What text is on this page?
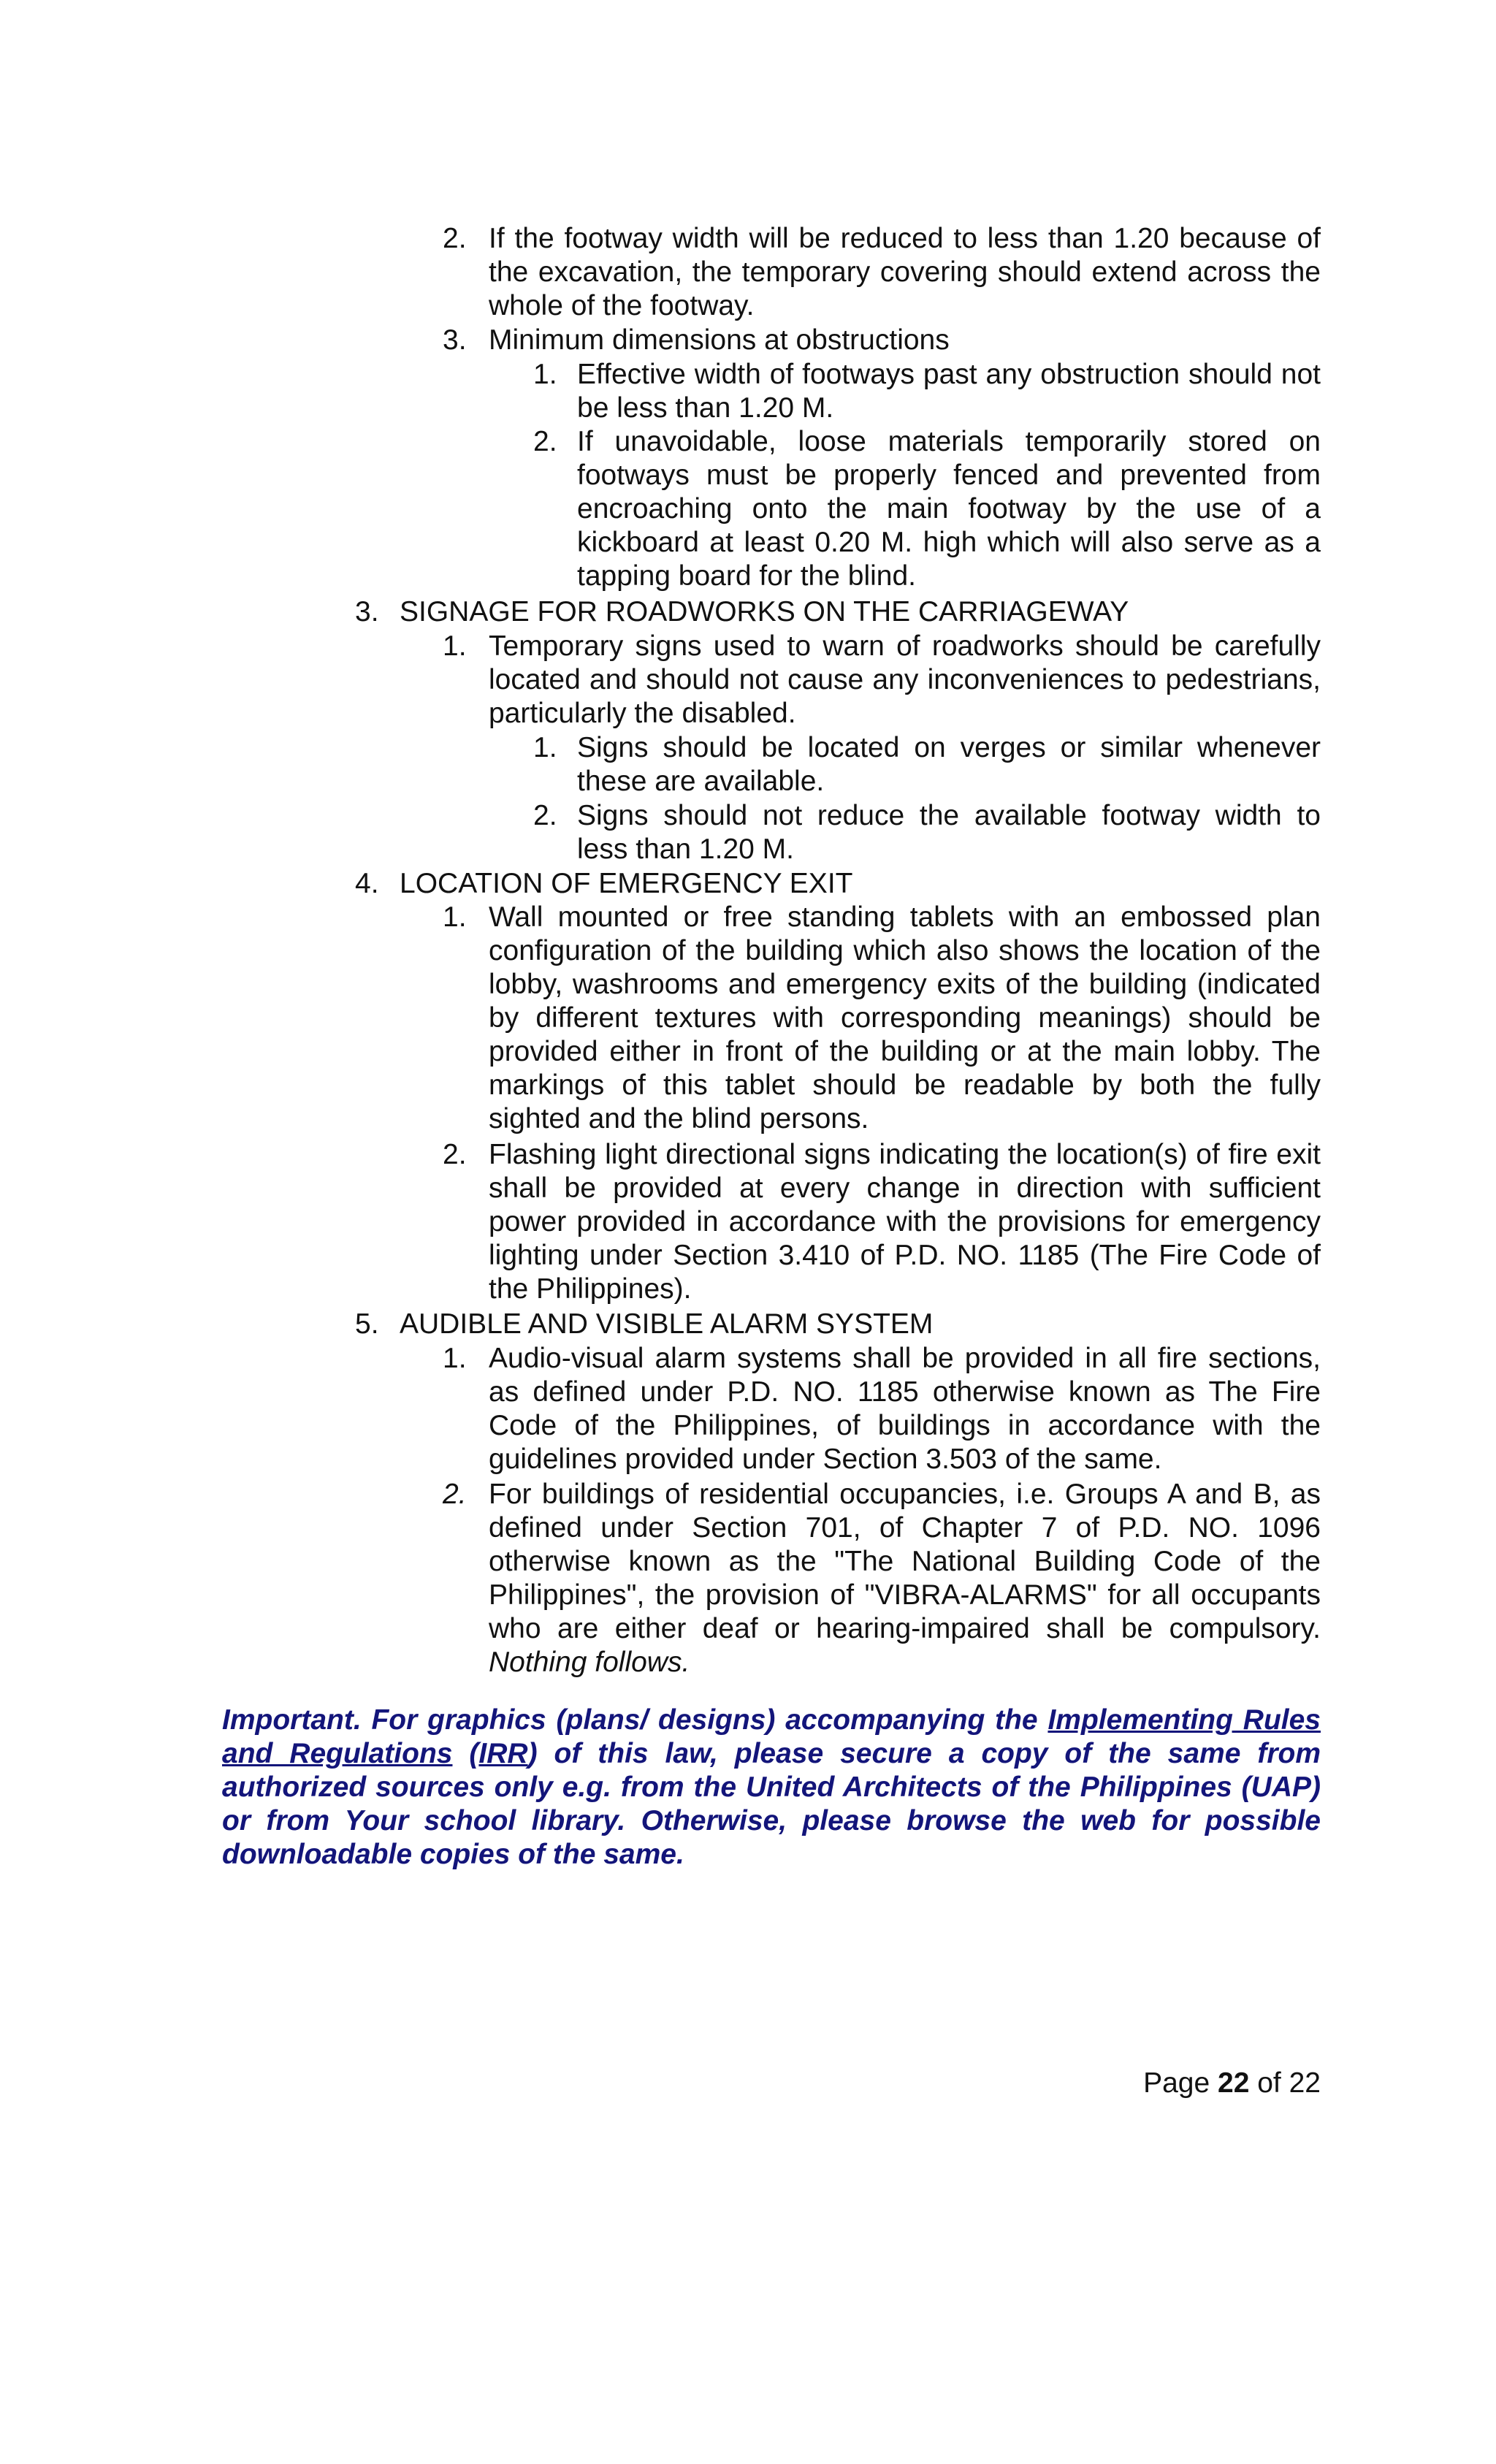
2. If the footway width will be reduced to less than 1.20 because of the excavation, the temporary covering should extend across the whole of the footway.
3. Minimum dimensions at obstructions
1. Effective width of footways past any obstruction should not be less than 1.20 M.
2. If unavoidable, loose materials temporarily stored on footways must be properly fenced and prevented from encroaching onto the main footway by the use of a kickboard at least 0.20 M. high which will also serve as a tapping board for the blind.
3. SIGNAGE FOR ROADWORKS ON THE CARRIAGEWAY
1. Temporary signs used to warn of roadworks should be carefully located and should not cause any inconveniences to pedestrians, particularly the disabled.
1. Signs should be located on verges or similar whenever these are available.
2. Signs should not reduce the available footway width to less than 1.20 M.
4. LOCATION OF EMERGENCY EXIT
1. Wall mounted or free standing tablets with an embossed plan configuration of the building which also shows the location of the lobby, washrooms and emergency exits of the building (indicated by different textures with corresponding meanings) should be provided either in front of the building or at the main lobby. The markings of this tablet should be readable by both the fully sighted and the blind persons.
2. Flashing light directional signs indicating the location(s) of fire exit shall be provided at every change in direction with sufficient power provided in accordance with the provisions for emergency lighting under Section 3.410 of P.D. NO. 1185 (The Fire Code of the Philippines).
5. AUDIBLE AND VISIBLE ALARM SYSTEM
1. Audio-visual alarm systems shall be provided in all fire sections, as defined under P.D. NO. 1185 otherwise known as The Fire Code of the Philippines, of buildings in accordance with the guidelines provided under Section 3.503 of the same.
2. For buildings of residential occupancies, i.e. Groups A and B, as defined under Section 701, of Chapter 7 of P.D. NO. 1096 otherwise known as the "The National Building Code of the Philippines", the provision of "VIBRA-ALARMS" for all occupants who are either deaf or hearing-impaired shall be compulsory. Nothing follows.
Important. For graphics (plans/ designs) accompanying the Implementing Rules and Regulations (IRR) of this law, please secure a copy of the same from authorized sources only e.g. from the United Architects of the Philippines (UAP) or from Your school library. Otherwise, please browse the web for possible downloadable copies of the same.
Page 22 of 22
